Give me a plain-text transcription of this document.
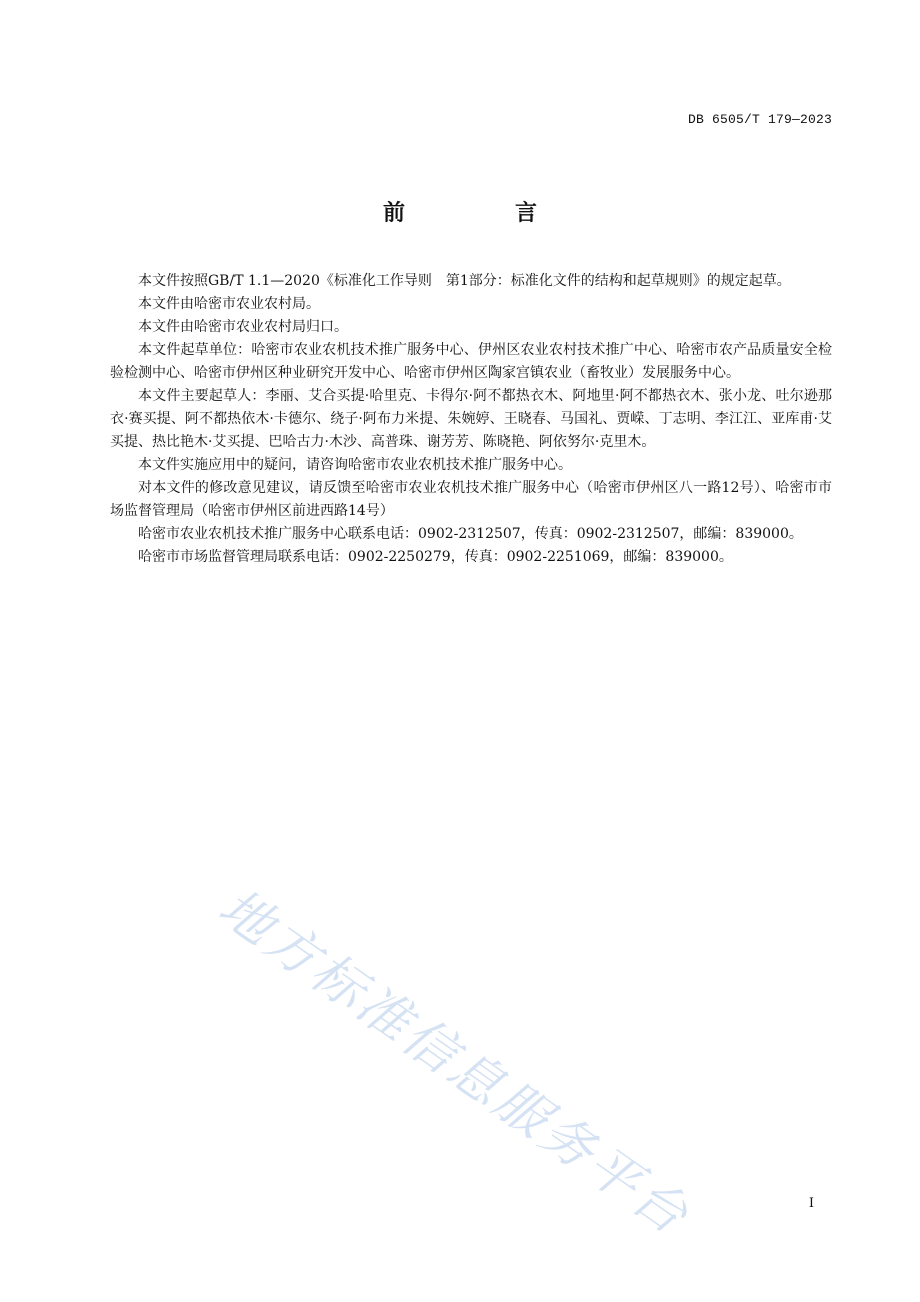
DB 6505/T 179—2023
前　言

本文件按照GB/T 1.1—2020《标准化工作导则　第1部分：标准化文件的结构和起草规则》的规定起草。

本文件由哈密市农业农村局。

本文件由哈密市农业农村局归口。

本文件起草单位：哈密市农业农机技术推广服务中心、伊州区农业农村技术推广中心、哈密市农产品质量安全检验检测中心、哈密市伊州区种业研究开发中心、哈密市伊州区陶家宫镇农业（畜牧业）发展服务中心。

本文件主要起草人：李丽、艾合买提·哈里克、卡得尔·阿不都热衣木、阿地里·阿不都热衣木、张小龙、吐尔逊那衣·赛买提、阿不都热依木·卡德尔、绕子·阿布力米提、朱婉婷、王晓春、马国礼、贾嵘、丁志明、李江江、亚库甫·艾买提、热比艳木·艾买提、巴哈古力·木沙、高普珠、谢芳芳、陈晓艳、阿依努尔·克里木。

本文件实施应用中的疑问，请咨询哈密市农业农机技术推广服务中心。

对本文件的修改意见建议，请反馈至哈密市农业农机技术推广服务中心（哈密市伊州区八一路12号）、哈密市市场监督管理局（哈密市伊州区前进西路14号）

哈密市农业农机技术推广服务中心联系电话：0902-2312507，传真：0902-2312507，邮编：839000。

哈密市市场监督管理局联系电话：0902-2250279，传真：0902-2251069，邮编：839000。

地方标准信息服务平台	I
